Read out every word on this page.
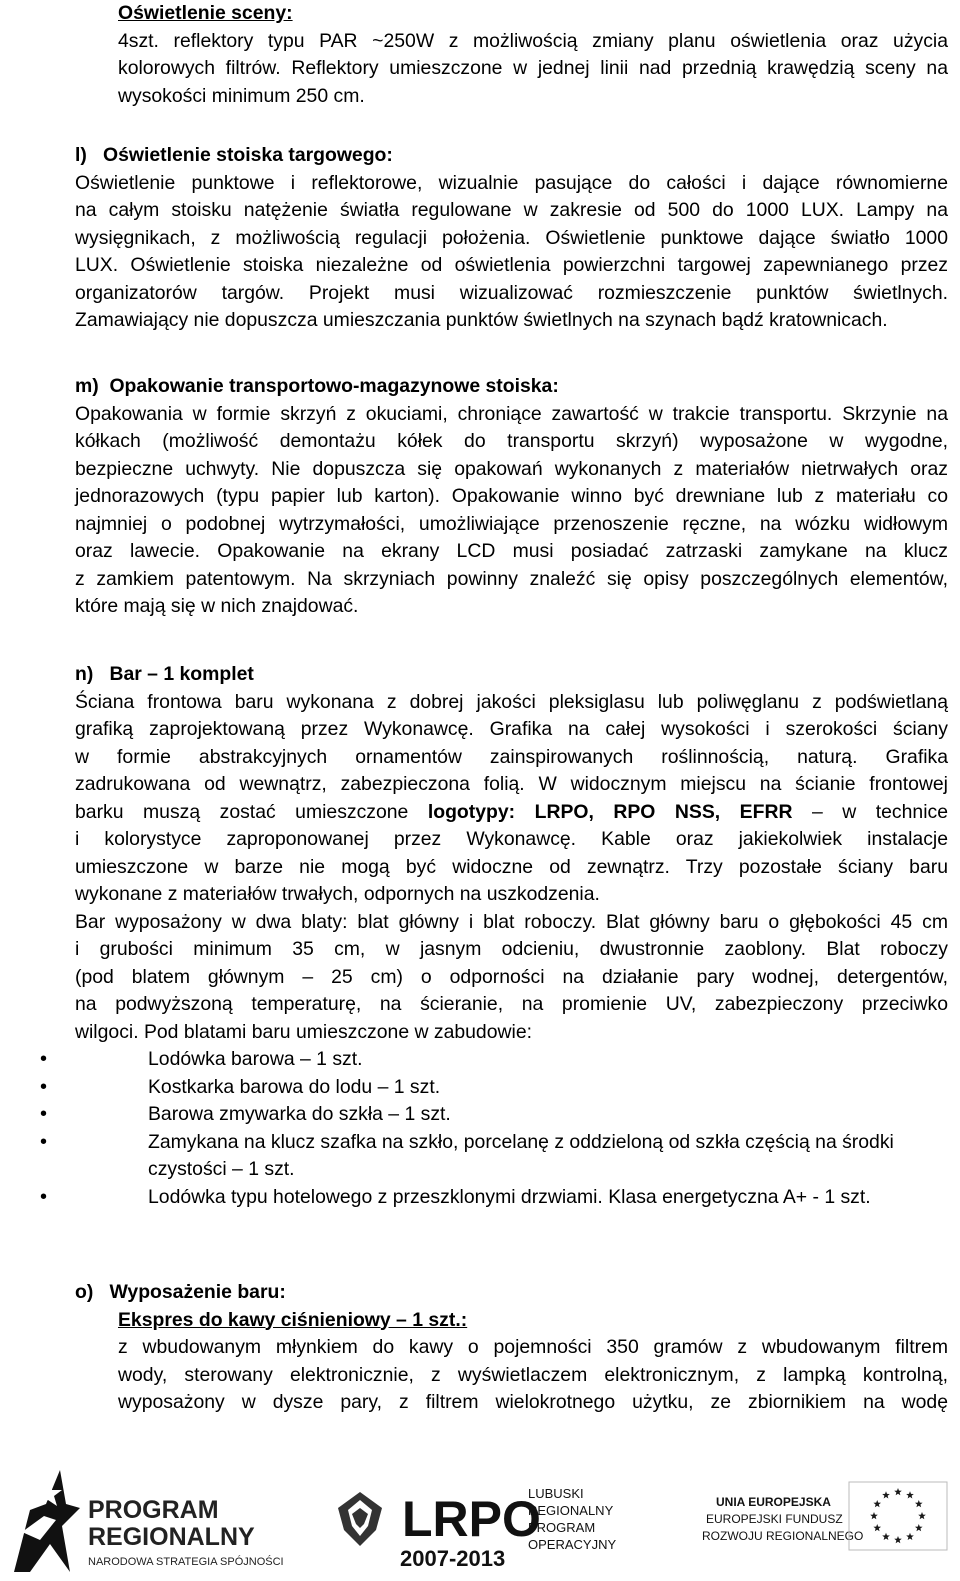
Oświetlenie sceny:
4szt. reflektory typu PAR ~250W z możliwością zmiany planu oświetlenia oraz użycia
kolorowych filtrów. Reflektory umieszczone w jednej linii nad przednią krawędzią sceny na
wysokości minimum 250 cm.
l)   Oświetlenie stoiska targowego:
Oświetlenie punktowe i reflektorowe, wizualnie pasujące do całości i dające równomierne
na całym stoisku natężenie światła regulowane w zakresie od 500 do 1000 LUX. Lampy na
wysięgnikach, z możliwością regulacji położenia. Oświetlenie punktowe dające światło 1000
LUX. Oświetlenie stoiska niezależne od oświetlenia powierzchni targowej zapewnianego przez
organizatorów targów. Projekt musi wizualizować rozmieszczenie punktów świetlnych.
Zamawiający nie dopuszcza umieszczania punktów świetlnych na szynach bądź kratownicach.
m)  Opakowanie transportowo-magazynowe stoiska:
Opakowania w formie skrzyń z okuciami, chroniące zawartość w trakcie transportu. Skrzynie na
kółkach (możliwość demontażu kółek do transportu skrzyń) wyposażone w wygodne,
bezpieczne uchwyty. Nie dopuszcza się opakowań wykonanych z materiałów nietrwałych oraz
jednorazowych (typu papier lub karton). Opakowanie winno być drewniane lub z materiału co
najmniej o podobnej wytrzymałości, umożliwiające przenoszenie ręczne, na wózku widłowym
oraz lawecie. Opakowanie na ekrany LCD musi posiadać zatrzaski zamykane na klucz
z zamkiem patentowym. Na skrzyniach powinny znaleźć się opisy poszczególnych elementów,
które mają się w nich znajdować.
n)   Bar – 1 komplet
Ściana frontowa baru wykonana z dobrej jakości pleksiglasu lub poliwęglanu z podświetlaną
grafiką zaprojektowaną przez Wykonawcę. Grafika na całej wysokości i szerokości ściany
w formie abstrakcyjnych ornamentów zainspirowanych roślinnością, naturą. Grafika
zadrukowana od wewnątrz, zabezpieczona folią. W widocznym miejscu na ścianie frontowej
barku muszą zostać umieszczone logotypy: LRPO, RPO NSS, EFRR – w technice
i kolorystyce zaproponowanej przez Wykonawcę. Kable oraz jakiekolwiek instalacje
umieszczone w barze nie mogą być widoczne od zewnątrz. Trzy pozostałe ściany baru
wykonane z materiałów trwałych, odpornych na uszkodzenia.
Bar wyposażony w dwa blaty: blat główny i blat roboczy. Blat główny baru o głębokości 45 cm
i grubości minimum 35 cm, w jasnym odcieniu, dwustronnie zaoblony. Blat roboczy
(pod blatem głównym – 25 cm) o odporności na działanie pary wodnej, detergentów,
na podwyższoną temperaturę, na ścieranie, na promienie UV, zabezpieczony przeciwko
wilgoci. Pod blatami baru umieszczone w zabudowie:
•	Lodówka barowa – 1 szt.
•	Kostkarka barowa do lodu – 1 szt.
•	Barowa zmywarka do szkła – 1 szt.
•	Zamykana na klucz szafka na szkło, porcelanę z oddzieloną od szkła częścią na środki
czystości – 1 szt.
•	Lodówka typu hotelowego z przeszklonymi drzwiami. Klasa energetyczna A+ - 1 szt.
o)   Wyposażenie baru:
Ekspres do kawy ciśnieniowy – 1 szt.:
z wbudowanym młynkiem do kawy o pojemności 350 gramów z wbudowanym filtrem
wody, sterowany elektronicznie, z wyświetlaczem elektronicznym, z lampką kontrolną,
wyposażony w dysze pary, z filtrem wielokrotnego użytku, ze zbiornikiem na wodę
PROGRAM
REGIONALNY
NARODOWA STRATEGIA SPÓJNOŚCI
LRPO
2007-2013
LUBUSKI
REGIONALNY
PROGRAM
OPERACYJNY
UNIA EUROPEJSKA
EUROPEJSKI FUNDUSZ
ROZWOJU REGIONALNEGO
